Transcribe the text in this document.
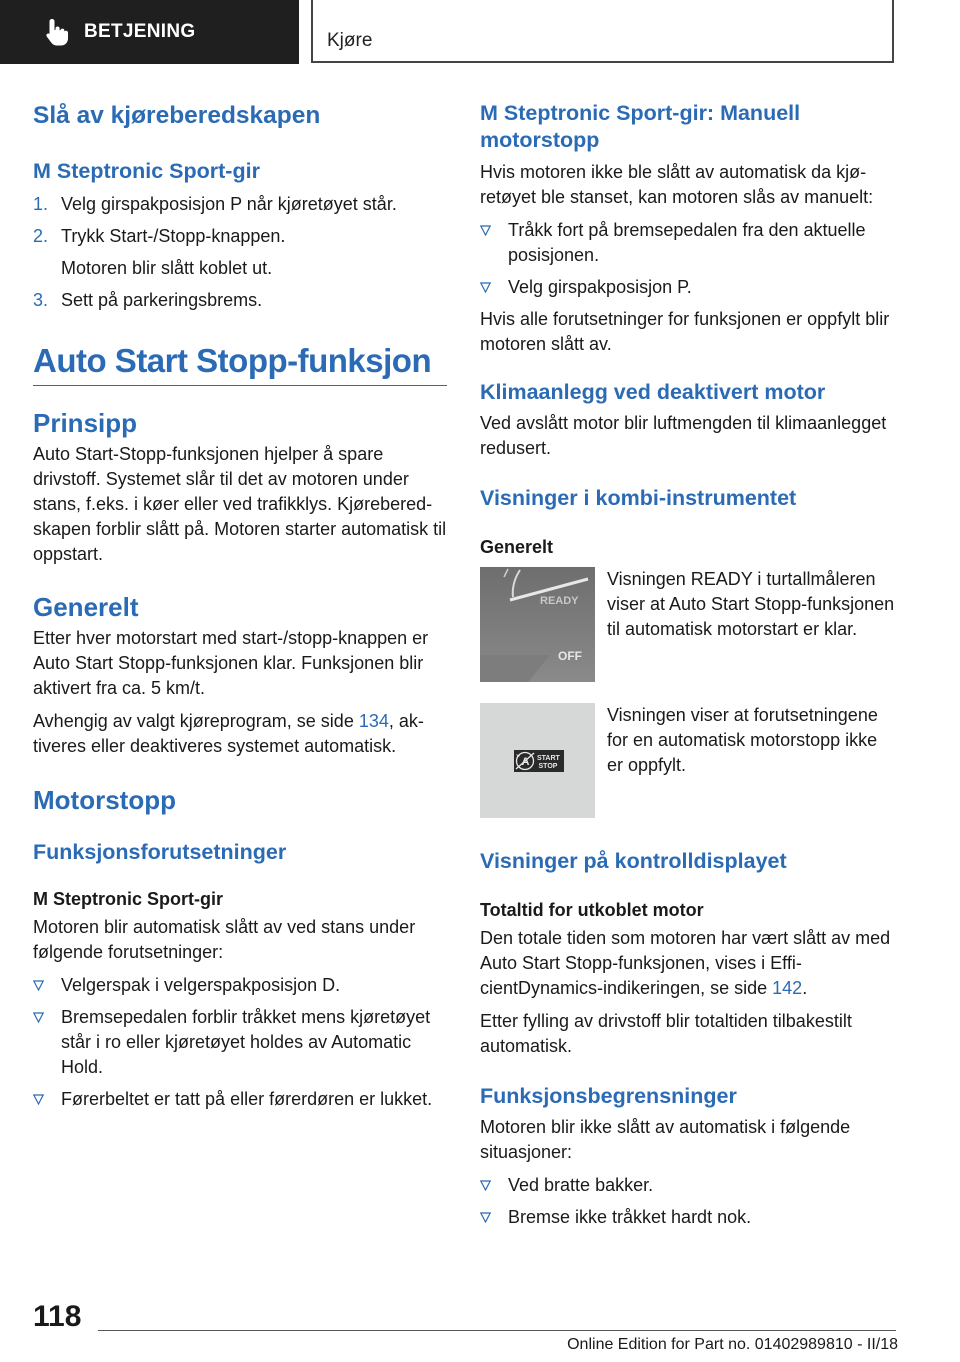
BETJENING	Kjøre
Slå av kjøreberedskapen
M Steptronic Sport-gir
1. Velg girspakposisjon P når kjøretøyet står.
2. Trykk Start-/Stopp-knappen.
Motoren blir slått koblet ut.
3. Sett på parkeringsbrems.
Auto Start Stopp-funksjon
Prinsipp

Auto Start-Stopp-funksjonen hjelper å spare drivstoff. Systemet slår til det av motoren under stans, f.eks. i køer eller ved trafikklys. Kjøreberedskapen forblir slått på. Motoren starter automatisk til oppstart.

Generelt

Etter hver motorstart med start-/stopp-knappen er Auto Start Stopp-funksjonen klar. Funksjonen blir aktivert fra ca. 5 km/t.

Avhengig av valgt kjøreprogram, se side 134, aktiveres eller deaktiveres systemet automatisk.

Motorstopp
Funksjonsforutsetninger
M Steptronic Sport-gir

Motoren blir automatisk slått av ved stans under følgende forutsetninger:

Velgerspak i velgerspakposisjon D.
Bremsepedalen forblir tråkket mens kjøretøyet står i ro eller kjøretøyet holdes av Automatic Hold.
Førerbeltet er tatt på eller førerdøren er lukket.
M Steptronic Sport-gir: Manuell motorstopp

Hvis motoren ikke ble slått av automatisk da kjøretøyet ble stanset, kan motoren slås av manuelt:

Tråkk fort på bremsepedalen fra den aktuelle posisjonen.
Velg girspakposisjon P.

Hvis alle forutsetninger for funksjonen er oppfylt blir motoren slått av.

Klimaanlegg ved deaktivert motor

Ved avslått motor blir luftmengden til klimaanlegget redusert.

Visninger i kombi-instrumentet
Generelt
READY
OFF

Visningen READY i turtallmåleren viser at Auto Start Stopp-funksjonen til automatisk motorstart er klar.

A START
STOP

Visningen viser at forutsetningene for en automatisk motorstopp ikke er oppfylt.

Visninger på kontrolldisplayet
Totaltid for utkoblet motor

Den totale tiden som motoren har vært slått av med Auto Start Stopp-funksjonen, vises i EfficientDynamics-indikeringen, se side 142.

Etter fylling av drivstoff blir totaltiden tilbakestilt automatisk.

Funksjonsbegrensninger

Motoren blir ikke slått av automatisk i følgende situasjoner:

Ved bratte bakker.
Bremse ikke tråkket hardt nok.
118
Online Edition for Part no. 01402989810 - II/18
